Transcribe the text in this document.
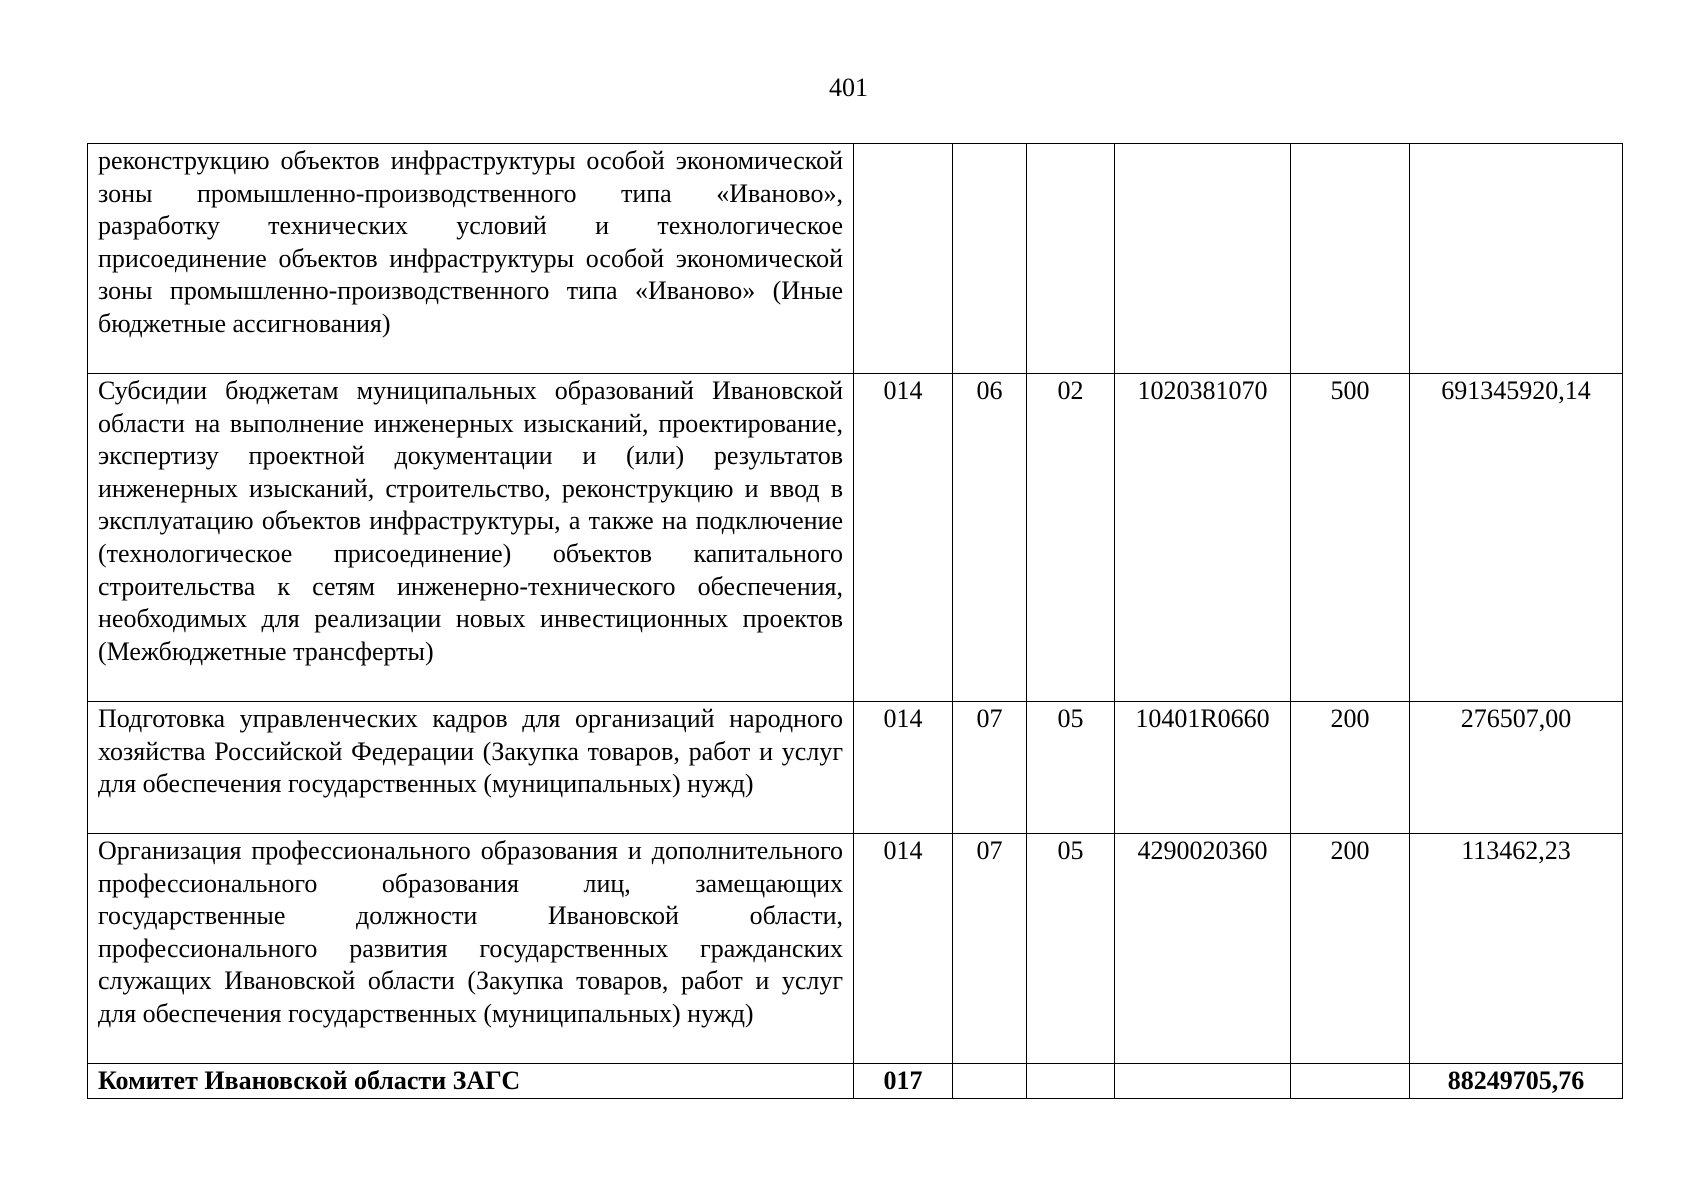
401
реконструкцию объектов инфраструктуры особой экономической зоны промышленно-производственного типа «Иваново», разработку технических условий и технологическое присоединение объектов инфраструктуры особой экономической зоны промышленно-производственного типа «Иваново» (Иные бюджетные ассигнования)						
Субсидии бюджетам муниципальных образований Ивановской области на выполнение инженерных изысканий, проектирование, экспертизу проектной документации и (или) результатов инженерных изысканий, строительство, реконструкцию и ввод в эксплуатацию объектов инфраструктуры, а также на подключение (технологическое присоединение) объектов капитального строительства к сетям инженерно-технического обеспечения, необходимых для реализации новых инвестиционных проектов (Межбюджетные трансферты)	014	06	02	1020381070	500	691345920,14
Подготовка управленческих кадров для организаций народного хозяйства Российской Федерации (Закупка товаров, работ и услуг для обеспечения государственных (муниципальных) нужд)	014	07	05	10401R0660	200	276507,00
Организация профессионального образования и дополнительного профессионального образования лиц, замещающих государственные должности Ивановской области, профессионального развития государственных гражданских служащих Ивановской области (Закупка товаров, работ и услуг для обеспечения государственных (муниципальных) нужд)	014	07	05	4290020360	200	113462,23
Комитет Ивановской области ЗАГС	017					88249705,76
